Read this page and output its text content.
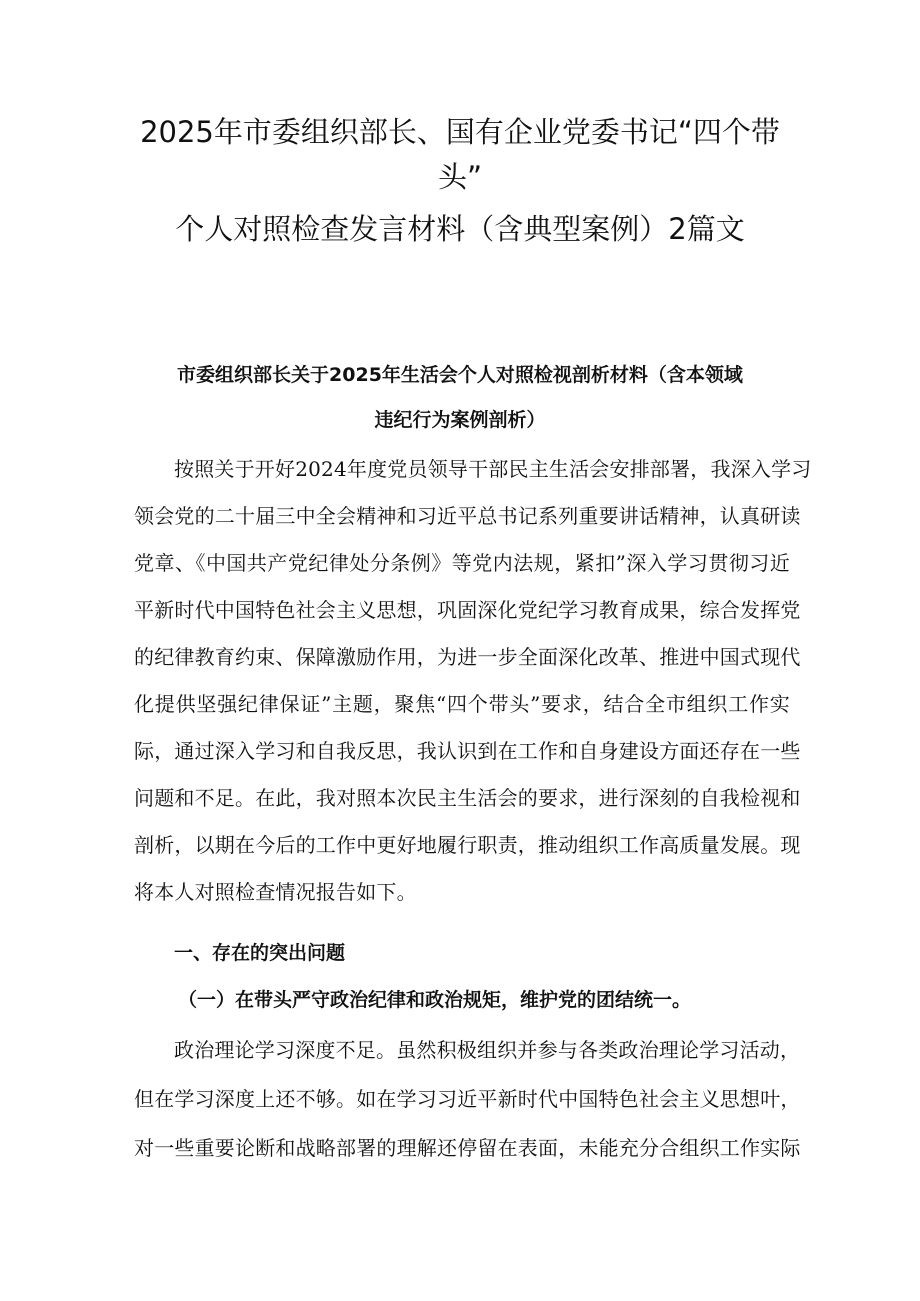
2025年市委组织部长、国有企业党委书记“四个带
头”
个人对照检查发言材料（含典型案例）2篇文
市委组织部长关于2025年生活会个人对照检视剖析材料（含本领域
违纪行为案例剖析）
按照关于开好2024年度党员领导干部民主生活会安排部署，我深入学习
领会党的二十届三中全会精神和习近平总书记系列重要讲话精神，认真研读
党章、《中国共产党纪律处分条例》等党内法规，紧扣”深入学习贯彻习近
平新时代中国特色社会主义思想，巩固深化党纪学习教育成果，综合发挥党
的纪律教育约束、保障激励作用，为进一步全面深化改革、推进中国式现代
化提供坚强纪律保证”主题，聚焦“四个带头”要求，结合全市组织工作实
际，通过深入学习和自我反思，我认识到在工作和自身建设方面还存在一些
问题和不足。在此，我对照本次民主生活会的要求，进行深刻的自我检视和
剖析，以期在今后的工作中更好地履行职责，推动组织工作高质量发展。现
将本人对照检查情况报告如下。
一、存在的突出问题
（一）在带头严守政治纪律和政治规矩，维护党的团结统一。
政治理论学习深度不足。虽然积极组织并参与各类政治理论学习活动，
但在学习深度上还不够。如在学习习近平新时代中国特色社会主义思想叶，
对一些重要论断和战略部署的理解还停留在表面，未能充分合组织工作实际
